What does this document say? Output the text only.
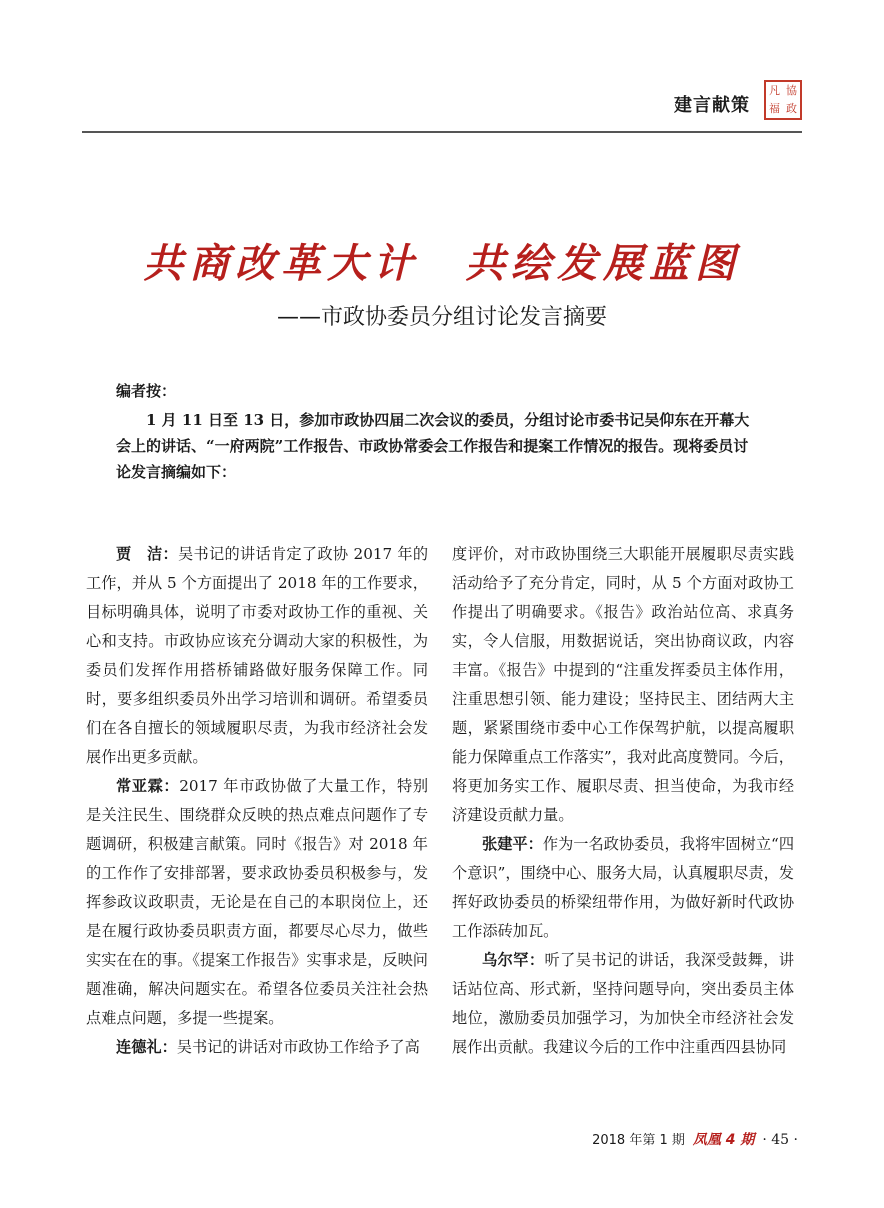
建言献策
凡 協
福 政
共商改革大计　共绘发展蓝图
——市政协委员分组讨论发言摘要
编者按：

1 月 11 日至 13 日，参加市政协四届二次会议的委员，分组讨论市委书记吴仰东在开幕大会上的讲话、“一府两院”工作报告、市政协常委会工作报告和提案工作情况的报告。现将委员讨论发言摘编如下：

贾　洁：吴书记的讲话肯定了政协 2017 年的工作，并从 5 个方面提出了 2018 年的工作要求，目标明确具体，说明了市委对政协工作的重视、关心和支持。市政协应该充分调动大家的积极性，为委员们发挥作用搭桥铺路做好服务保障工作。同时，要多组织委员外出学习培训和调研。希望委员们在各自擅长的领域履职尽责，为我市经济社会发展作出更多贡献。

常亚霖：2017 年市政协做了大量工作，特别是关注民生、围绕群众反映的热点难点问题作了专题调研，积极建言献策。同时《报告》对 2018 年的工作作了安排部署，要求政协委员积极参与，发挥参政议政职责，无论是在自己的本职岗位上，还是在履行政协委员职责方面，都要尽心尽力，做些实实在在的事。《提案工作报告》实事求是，反映问题准确，解决问题实在。希望各位委员关注社会热点难点问题，多提一些提案。

连德礼：吴书记的讲话对市政协工作给予了高

度评价，对市政协围绕三大职能开展履职尽责实践活动给予了充分肯定，同时，从 5 个方面对政协工作提出了明确要求。《报告》政治站位高、求真务实，令人信服，用数据说话，突出协商议政，内容丰富。《报告》中提到的“注重发挥委员主体作用，注重思想引领、能力建设；坚持民主、团结两大主题，紧紧围绕市委中心工作保驾护航，以提高履职能力保障重点工作落实”，我对此高度赞同。今后，将更加务实工作、履职尽责、担当使命，为我市经济建设贡献力量。

张建平：作为一名政协委员，我将牢固树立“四个意识”，围绕中心、服务大局，认真履职尽责，发挥好政协委员的桥梁纽带作用，为做好新时代政协工作添砖加瓦。

乌尔罕：听了吴书记的讲话，我深受鼓舞，讲话站位高、形式新，坚持问题导向，突出委员主体地位，激励委员加强学习，为加快全市经济社会发展作出贡献。我建议今后的工作中注重西四县协同

2018 年第 1 期 凤凰 4 期 · 45 ·
